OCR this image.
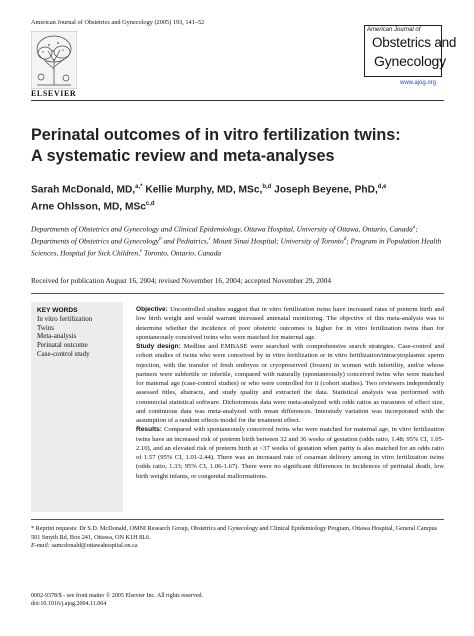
American Journal of Obstetrics and Gynecology (2005) 193, 141–52
ELSEVIER
American Journal of
Obstetrics and
Gynecology
www.ajog.org
Perinatal outcomes of in vitro fertilization twins:
A systematic review and meta-analyses
Sarah McDonald, MD,$^{a,*}$ Kellie Murphy, MD, MSc,$^{b,d}$ Joseph Beyene, PhD,$^{d,e}$
Arne Ohlsson, MD, MSc$^{c,d}$
Departments of Obstetrics and Gynecology and Clinical Epidemiology, Ottawa Hospital, University of Ottawa, Ontario, Canada$^a$; Departments of Obstetrics and Gynecology$^b$ and Pediatrics,$^c$ Mount Sinai Hospital; University of Toronto$^d$; Program in Population Health Sciences, Hospital for Sick Children,$^e$ Toronto, Ontario, Canada
Received for publication August 16, 2004; revised November 16, 2004; accepted November 29, 2004
KEY WORDS
In vitro fertilization
Twins
Meta-analysis
Perinatal outcome
Case-control study

Objective: Uncontrolled studies suggest that in vitro fertilization twins have increased rates of preterm birth and low birth weight and would warrant increased antenatal monitoring. The objective of this meta-analysis was to determine whether the incidence of poor obstetric outcomes is higher for in vitro fertilization twins than for spontaneously conceived twins who were matched for maternal age.

Study design: Medline and EMBASE were searched with comprehensive search strategies. Case-control and cohort studies of twins who were conceived by in vitro fertilization or in vitro fertilization/intracytoplasmic sperm injection, with the transfer of fresh embryos or cryopreserved (frozen) in women with infertility, and/or whose partners were subfertile or infertile, compared with naturally (spontaneously) conceived twins who were matched for maternal age (case-control studies) or who were controlled for it (cohort studies). Two reviewers independently assessed titles, abstracts, and study quality and extracted the data. Statistical analysis was performed with commercial statistical software. Dichotomous data were meta-analyzed with odds ratios as measures of effect size, and continuous data was meta-analyzed with mean differences. Interstudy variation was incorporated with the assumption of a random effects model for the treatment effect.

Results: Compared with spontaneously conceived twins who were matched for maternal age, in vitro fertilization twins have an increased risk of preterm birth between 32 and 36 weeks of gestation (odds ratio, 1.48; 95% CI, 1.05-2.10), and an elevated risk of preterm birth at <37 weeks of gestation when parity is also matched for an odds ratio of 1.57 (95% CI, 1.01-2.44). There was an increased rate of cesarean delivery among in vitro fertilization twins (odds ratio, 1.33; 95% CI, 1.06-1.67). There were no significant differences in incidences of perinatal death, low birth weight infants, or congenital malformations.

* Reprint requests: Dr S.D. McDonald, OMNI Research Group, Obstetrics and Gynecology and Clinical Epidemiology Program, Ottawa Hospital, General Campus 501 Smyth Rd, Box 241, Ottawa, ON K1H 8L6.

E-mail: samcdonald@ottawahospital.on.ca

0002-9378/$ - see front matter © 2005 Elsevier Inc. All rights reserved.

doi:10.1016/j.ajog.2004.11.064
